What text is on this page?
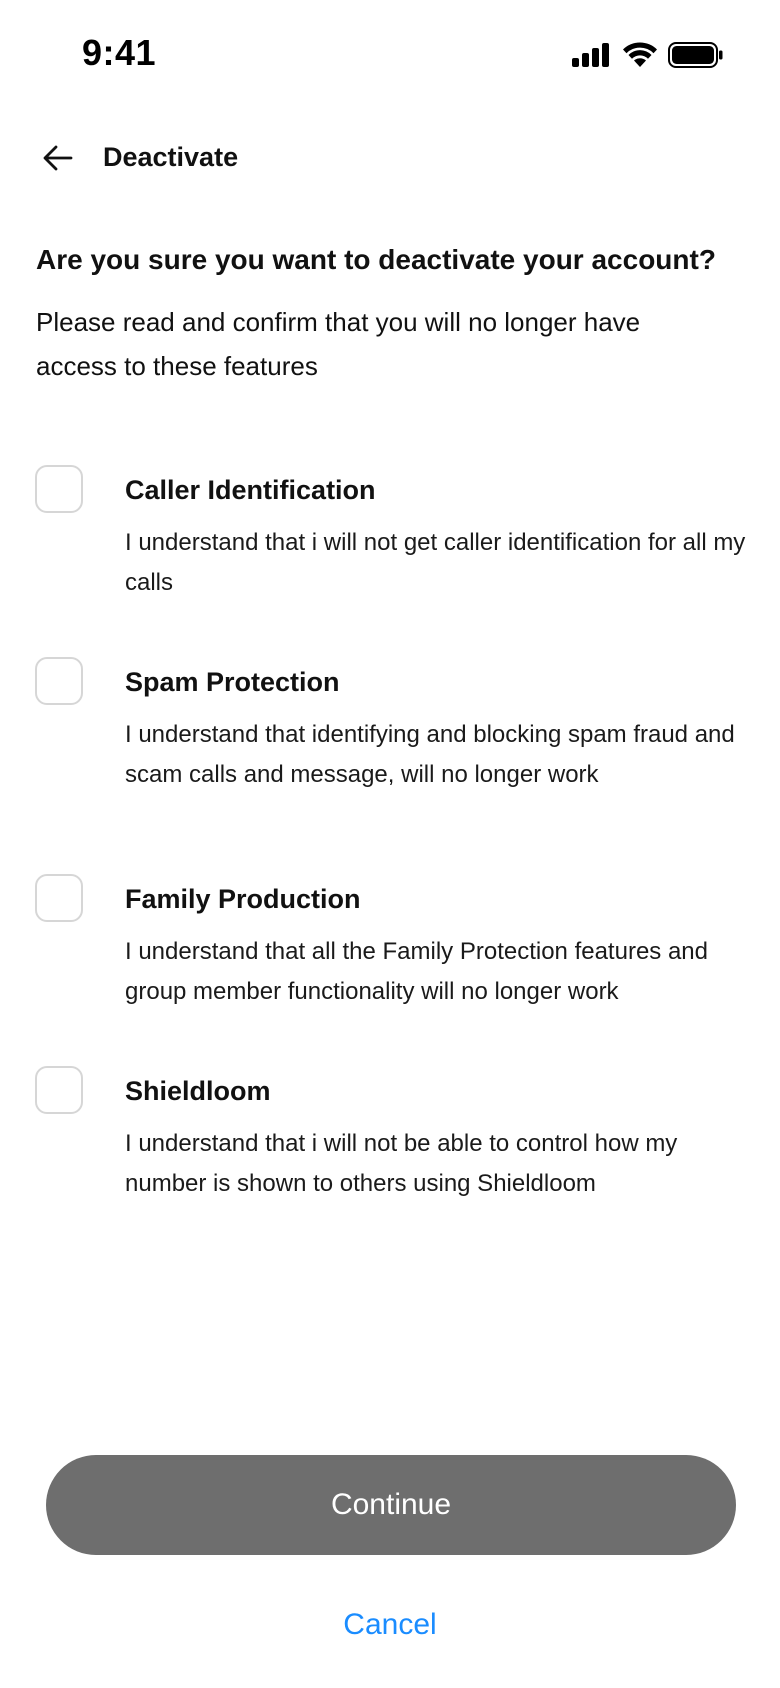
9:41
Deactivate
Are you sure you want to deactivate your account?
Please read and confirm that you will no longer have access to these features
Caller Identification
I understand that i will not get caller identification for all my calls
Spam Protection
I understand that identifying and blocking spam fraud and scam calls and message, will no longer work
Family Production
I understand that all the Family Protection features and group member functionality will no longer work
Shieldloom
I understand that i will not be able to control how my number is shown to others using Shieldloom
Continue
Cancel
